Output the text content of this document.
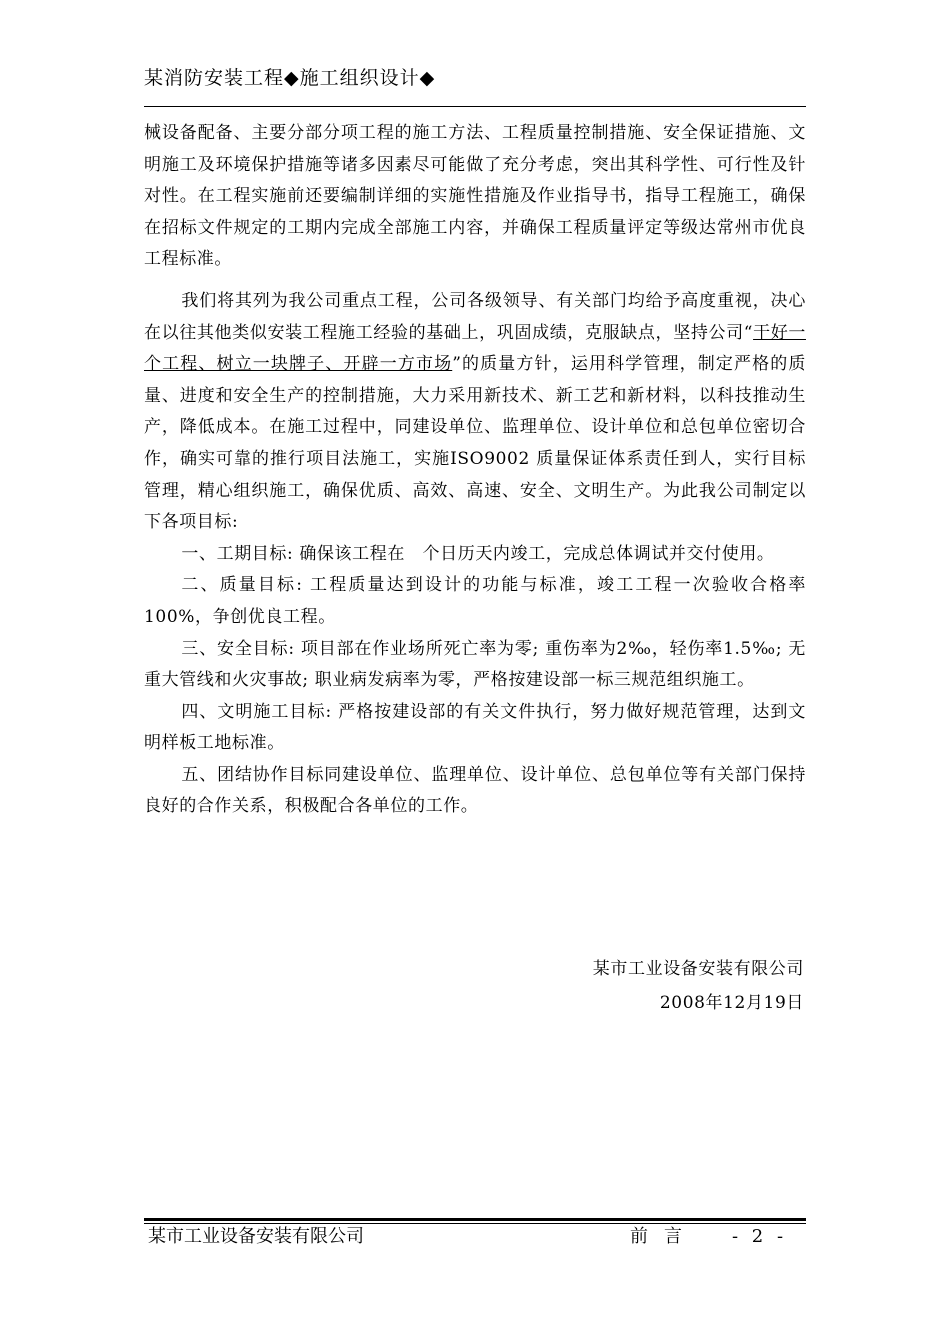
某消防安装工程◆施工组织设计◆

械设备配备、主要分部分项工程的施工方法、工程质量控制措施、安全保证措施、文明施工及环境保护措施等诸多因素尽可能做了充分考虑，突出其科学性、可行性及针对性。在工程实施前还要编制详细的实施性措施及作业指导书，指导工程施工，确保在招标文件规定的工期内完成全部施工内容，并确保工程质量评定等级达常州市优良工程标准。

我们将其列为我公司重点工程，公司各级领导、有关部门均给予高度重视，决心在以往其他类似安装工程施工经验的基础上，巩固成绩，克服缺点，坚持公司“干好一个工程、树立一块牌子、开辟一方市场”的质量方针，运用科学管理，制定严格的质量、进度和安全生产的控制措施，大力采用新技术、新工艺和新材料，以科技推动生产，降低成本。在施工过程中，同建设单位、监理单位、设计单位和总包单位密切合作，确实可靠的推行项目法施工，实施ISO9002 质量保证体系责任到人，实行目标管理，精心组织施工，确保优质、高效、高速、安全、文明生产。为此我公司制定以下各项目标:

一、工期目标: 确保该工程在　个日历天内竣工，完成总体调试并交付使用。

二、质量目标: 工程质量达到设计的功能与标准，竣工工程一次验收合格率100%，争创优良工程。

三、安全目标: 项目部在作业场所死亡率为零; 重伤率为2‰，轻伤率1.5‰; 无重大管线和火灾事故; 职业病发病率为零，严格按建设部一标三规范组织施工。

四、文明施工目标: 严格按建设部的有关文件执行，努力做好规范管理，达到文明样板工地标准。

五、团结协作目标同建设单位、监理单位、设计单位、总包单位等有关部门保持良好的合作关系，积极配合各单位的工作。

某市工业设备安装有限公司
2008年12月19日
某市工业设备安装有限公司	前言 - 2 -
